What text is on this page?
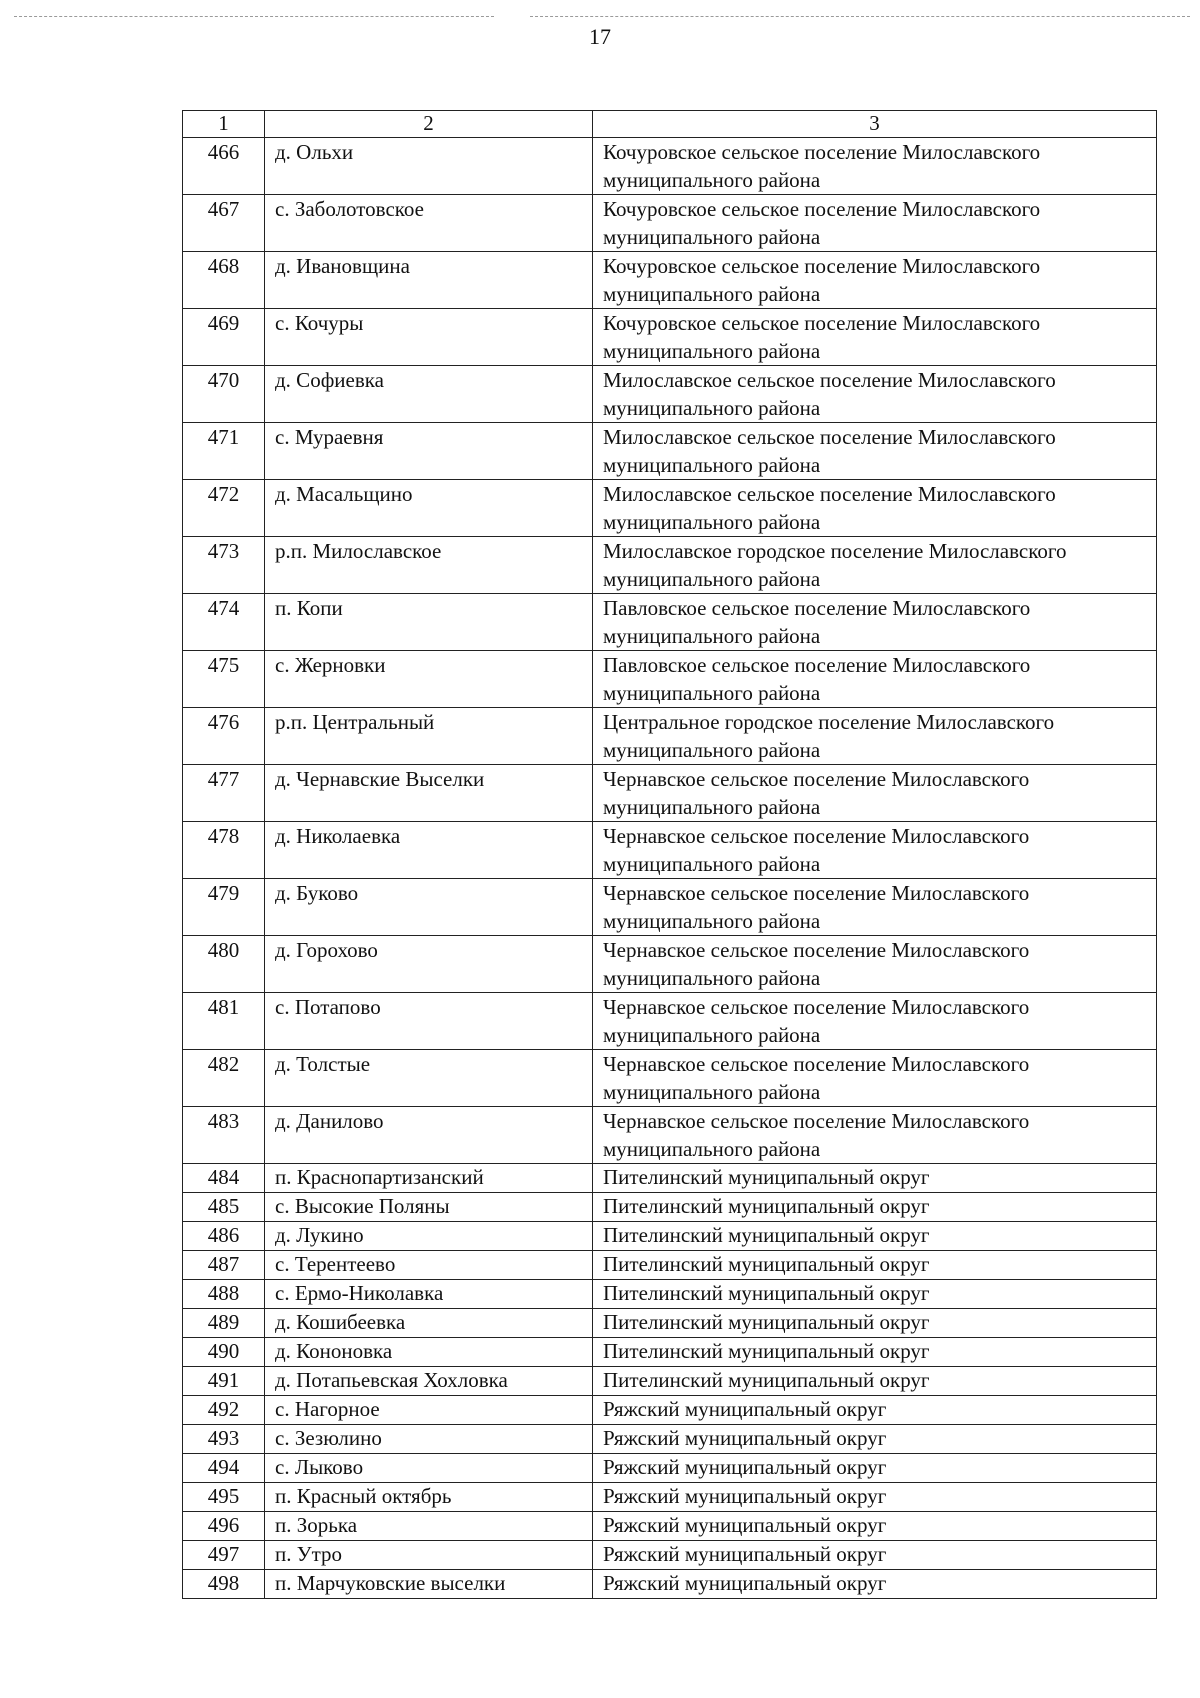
17
1	2	3
466	д. Ольхи	Кочуровское сельское поселение Милославского муниципального района
467	с. Заболотовское	Кочуровское сельское поселение Милославского муниципального района
468	д. Ивановщина	Кочуровское сельское поселение Милославского муниципального района
469	с. Кочуры	Кочуровское сельское поселение Милославского муниципального района
470	д. Софиевка	Милославское сельское поселение Милославского муниципального района
471	с. Мураевня	Милославское сельское поселение Милославского муниципального района
472	д. Масальщино	Милославское сельское поселение Милославского муниципального района
473	р.п. Милославское	Милославское городское поселение Милославского муниципального района
474	п. Копи	Павловское сельское поселение Милославского муниципального района
475	с. Жерновки	Павловское сельское поселение Милославского муниципального района
476	р.п. Центральный	Центральное городское поселение Милославского муниципального района
477	д. Чернавские Выселки	Чернавское сельское поселение Милославского муниципального района
478	д. Николаевка	Чернавское сельское поселение Милославского муниципального района
479	д. Буково	Чернавское сельское поселение Милославского муниципального района
480	д. Горохово	Чернавское сельское поселение Милославского муниципального района
481	с. Потапово	Чернавское сельское поселение Милославского муниципального района
482	д. Толстые	Чернавское сельское поселение Милославского муниципального района
483	д. Данилово	Чернавское сельское поселение Милославского муниципального района
484	п. Краснопартизанский	Пителинский муниципальный округ
485	с. Высокие Поляны	Пителинский муниципальный округ
486	д. Лукино	Пителинский муниципальный округ
487	с. Терентеево	Пителинский муниципальный округ
488	с. Ермо-Николавка	Пителинский муниципальный округ
489	д. Кошибеевка	Пителинский муниципальный округ
490	д. Кононовка	Пителинский муниципальный округ
491	д. Потапьевская Хохловка	Пителинский муниципальный округ
492	с. Нагорное	Ряжский муниципальный округ
493	с. Зезюлино	Ряжский муниципальный округ
494	с. Лыково	Ряжский муниципальный округ
495	п. Красный октябрь	Ряжский муниципальный округ
496	п. Зорька	Ряжский муниципальный округ
497	п. Утро	Ряжский муниципальный округ
498	п. Марчуковские выселки	Ряжский муниципальный округ
